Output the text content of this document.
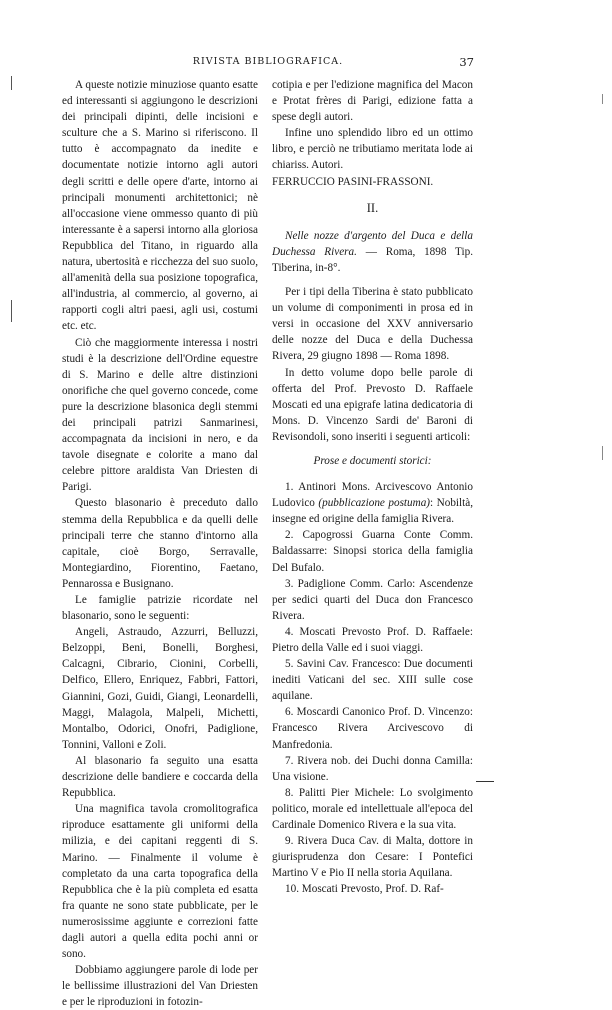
RIVISTA BIBLIOGRAFICA.	37

A queste notizie minuziose quanto esatte ed interessanti si aggiungono le descrizioni dei principali dipinti, delle incisioni e sculture che a S. Marino si riferiscono. Il tutto è accompagnato da inedite e documentate notizie intorno agli autori degli scritti e delle opere d'arte, intorno ai principali monumenti architettonici; nè all'occasione viene ommesso quanto di più interessante è a sapersi intorno alla gloriosa Repubblica del Titano, in riguardo alla natura, ubertosità e ricchezza del suo suolo, all'amenità della sua posizione topografica, all'industria, al commercio, al governo, ai rapporti cogli altri paesi, agli usi, costumi etc. etc.

Ciò che maggiormente interessa i nostri studi è la descrizione dell'Ordine equestre di S. Marino e delle altre distinzioni onorifiche che quel governo concede, come pure la descrizione blasonica degli stemmi dei principali patrizi Sanmarinesi, accompagnata da incisioni in nero, e da tavole disegnate e colorite a mano dal celebre pittore araldista Van Driesten di Parigi.

Questo blasonario è preceduto dallo stemma della Repubblica e da quelli delle principali terre che stanno d'intorno alla capitale, cioè Borgo, Serravalle, Montegiardino, Fiorentino, Faetano, Pennarossa e Busignano.

Le famiglie patrizie ricordate nel blasonario, sono le seguenti:

Angeli, Astraudo, Azzurri, Belluzzi, Belzoppi, Beni, Bonelli, Borghesi, Calcagni, Cibrario, Cionini, Corbelli, Delfico, Ellero, Enriquez, Fabbri, Fattori, Giannini, Gozi, Guidi, Giangi, Leonardelli, Maggi, Malagola, Malpeli, Michetti, Montalbo, Odorici, Onofri, Padiglione, Tonnini, Valloni e Zoli.

Al blasonario fa seguito una esatta descrizione delle bandiere e coccarda della Repubblica.

Una magnifica tavola cromolitografica riproduce esattamente gli uniformi della milizia, e dei capitani reggenti di S. Marino. — Finalmente il volume è completato da una carta topografica della Repubblica che è la più completa ed esatta fra quante ne sono state pubblicate, per le numerosissime aggiunte e correzioni fatte dagli autori a quella edita pochi anni or sono.

Dobbiamo aggiungere parole di lode per le bellissime illustrazioni del Van Driesten e per le riproduzioni in fotozin-

cotipia e per l'edizione magnifica del Macon e Protat frères di Parigi, edizione fatta a spese degli autori.

Infine uno splendido libro ed un ottimo libro, e perciò ne tributiamo meritata lode ai chiariss. Autori.

FERRUCCIO PASINI-FRASSONI.

II.

Nelle nozze d'argento del Duca e della Duchessa Rivera. — Roma, 1898 Tip. Tiberina, in-8°.

Per i tipi della Tiberina è stato pubblicato un volume di componimenti in prosa ed in versi in occasione del XXV anniversario delle nozze del Duca e della Duchessa Rivera, 29 giugno 1898 — Roma 1898.

In detto volume dopo belle parole di offerta del Prof. Prevosto D. Raffaele Moscati ed una epigrafe latina dedicatoria di Mons. D. Vincenzo Sardi de' Baroni di Revisondoli, sono inseriti i seguenti articoli:

Prose e documenti storici:

1. Antinori Mons. Arcivescovo Antonio Ludovico (pubblicazione postuma): Nobiltà, insegne ed origine della famiglia Rivera.

2. Capogrossi Guarna Conte Comm. Baldassarre: Sinopsi storica della famiglia Del Bufalo.

3. Padiglione Comm. Carlo: Ascendenze per sedici quarti del Duca don Francesco Rivera.

4. Moscati Prevosto Prof. D. Raffaele: Pietro della Valle ed i suoi viaggi.

5. Savini Cav. Francesco: Due documenti inediti Vaticani del sec. XIII sulle cose aquilane.

6. Moscardi Canonico Prof. D. Vincenzo: Francesco Rivera Arcivescovo di Manfredonia.

7. Rivera nob. dei Duchi donna Camilla: Una visione.

8. Palitti Pier Michele: Lo svolgimento politico, morale ed intellettuale all'epoca del Cardinale Domenico Rivera e la sua vita.

9. Rivera Duca Cav. di Malta, dottore in giurisprudenza don Cesare: I Pontefici Martino V e Pio II nella storia Aquilana.

10. Moscati Prevosto, Prof. D. Raf-
